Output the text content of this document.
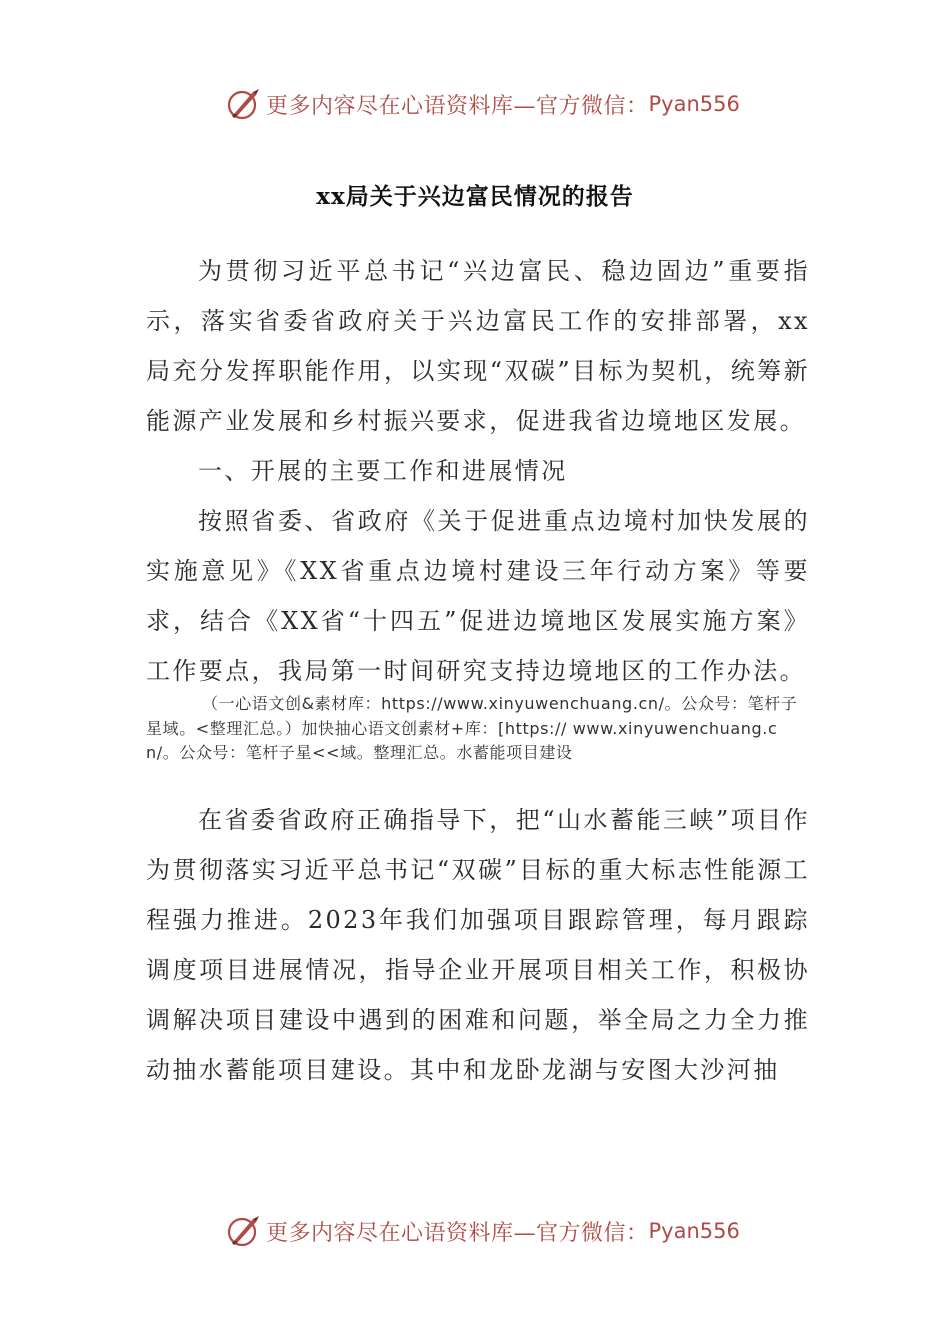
更多内容尽在心语资料库—官方微信： Pyan556
xx局关于兴边富民情况的报告
为贯彻习近平总书记“兴边富民、稳边固边”重要指示，落实省委省政府关于兴边富民工作的安排部署，xx局充分发挥职能作用，以实现“双碳”目标为契机，统筹新能源产业发展和乡村振兴要求，促进我省边境地区发展。
一、开展的主要工作和进展情况
按照省委、省政府《关于促进重点边境村加快发展的实施意见》《XX省重点边境村建设三年行动方案》等要求，结合《XX省“十四五”促进边境地区发展实施方案》工作要点，我局第一时间研究支持边境地区的工作办法。
（一心语文创&素材库：https://www.xinyuwenchuang.cn/。公众号：笔杆子星域。<整理汇总。）加快抽心语文创素材+库：[https:// www.xinyuwenchuang.cn/。公众号：笔杆子星<<域。整理汇总。水蓄能项目建设
在省委省政府正确指导下，把“山水蓄能三峡”项目作为贯彻落实习近平总书记“双碳”目标的重大标志性能源工程强力推进。2023年我们加强项目跟踪管理，每月跟踪调度项目进展情况，指导企业开展项目相关工作，积极协调解决项目建设中遇到的困难和问题，举全局之力全力推动抽水蓄能项目建设。其中和龙卧龙湖与安图大沙河抽
更多内容尽在心语资料库—官方微信： Pyan556
